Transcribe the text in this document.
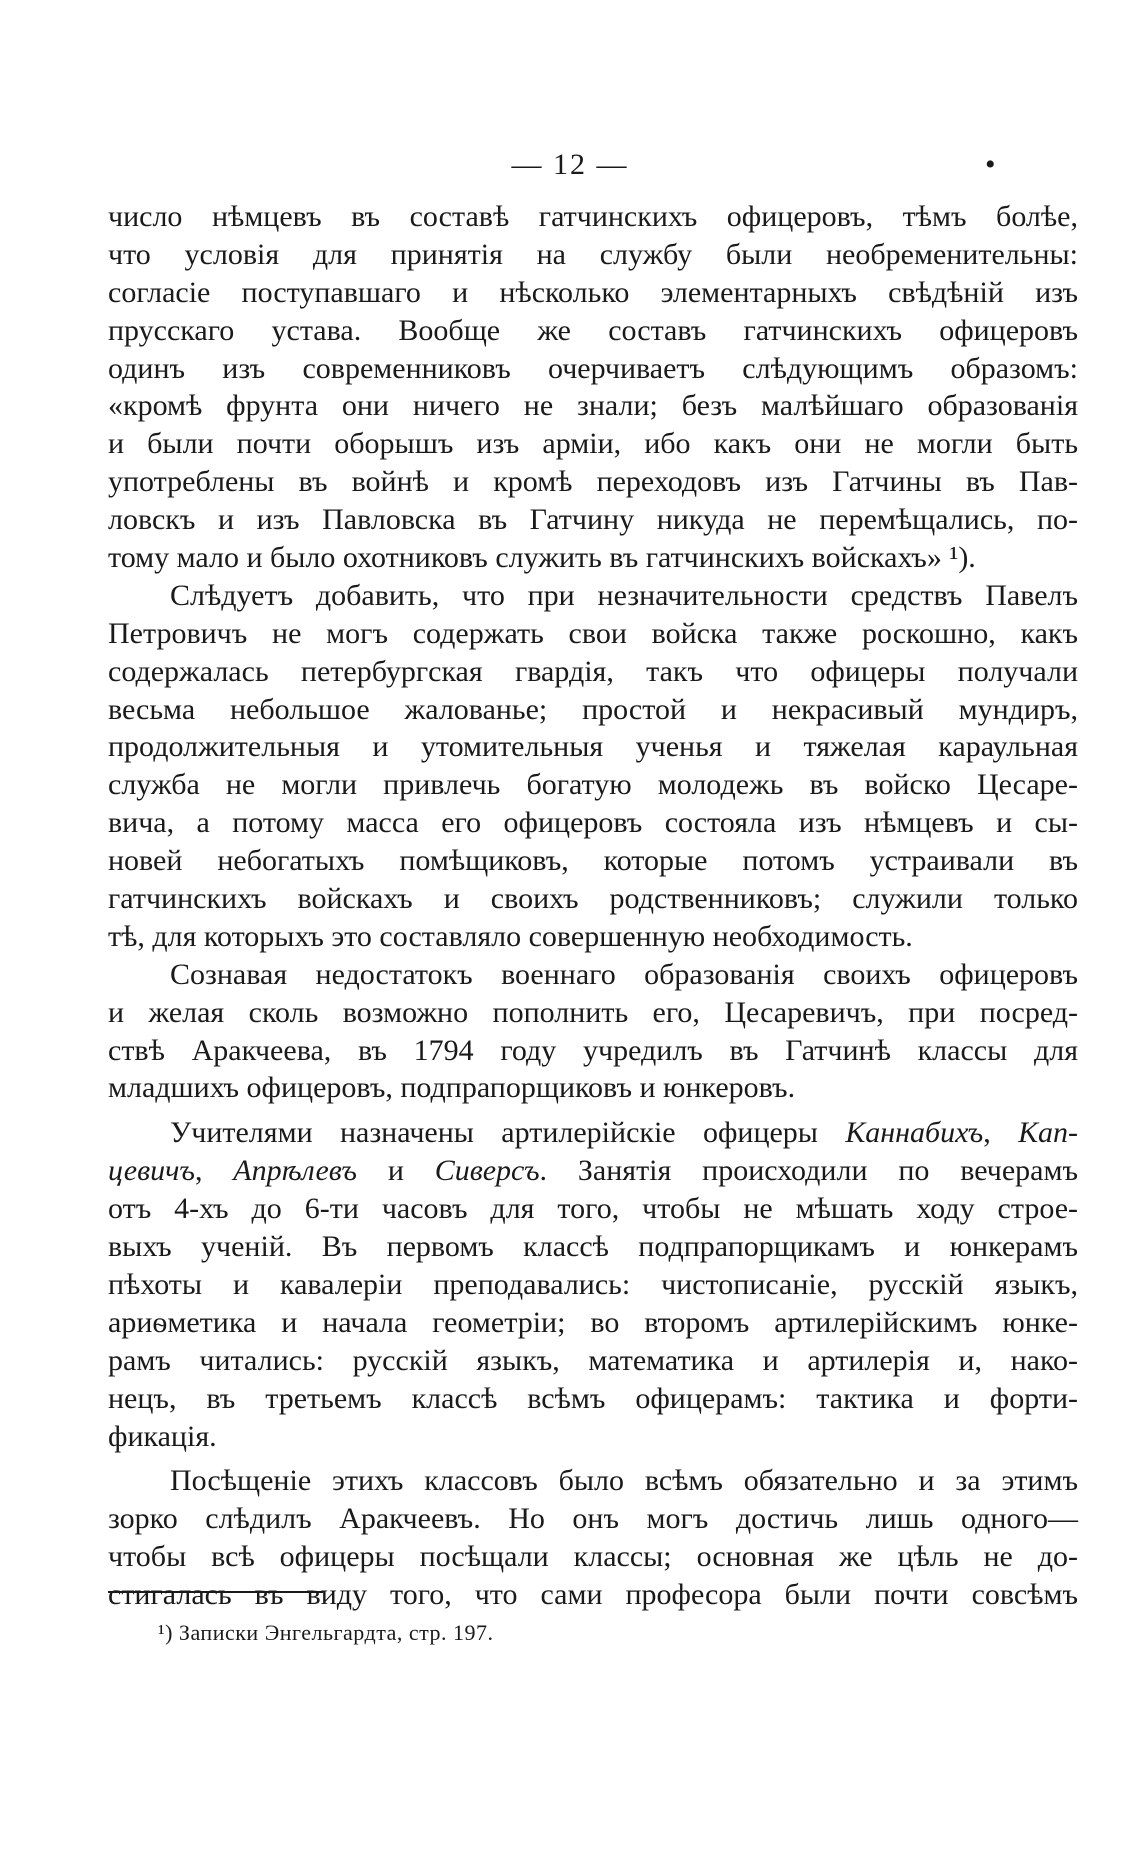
— 12 —	•
число нѣмцевъ въ составѣ гатчинскихъ офицеровъ, тѣмъ болѣе,
что условія для принятія на службу были необременительны:
согласіе поступавшаго и нѣсколько элементарныхъ свѣдѣній изъ
прусскаго устава. Вообще же составъ гатчинскихъ офицеровъ
одинъ изъ современниковъ очерчиваетъ слѣдующимъ образомъ:
«кромѣ фрунта они ничего не знали; безъ малѣйшаго образованія
и были почти оборышъ изъ арміи, ибо какъ они не могли быть
употреблены въ войнѣ и кромѣ переходовъ изъ Гатчины въ Пав-
ловскъ и изъ Павловска въ Гатчину никуда не перемѣщались, по-
тому мало и было охотниковъ служить въ гатчинскихъ войскахъ» ¹).
Слѣдуетъ добавить, что при незначительности средствъ Павелъ
Петровичъ не могъ содержать свои войска также роскошно, какъ
содержалась петербургская гвардія, такъ что офицеры получали
весьма небольшое жалованье; простой и некрасивый мундиръ,
продолжительныя и утомительныя ученья и тяжелая караульная
служба не могли привлечь богатую молодежь въ войско Цесаре-
вича, а потому масса его офицеровъ состояла изъ нѣмцевъ и сы-
новей небогатыхъ помѣщиковъ, которые потомъ устраивали въ
гатчинскихъ войскахъ и своихъ родственниковъ; служили только
тѣ, для которыхъ это составляло совершенную необходимость.
Сознавая недостатокъ военнаго образованія своихъ офицеровъ
и желая сколь возможно пополнить его, Цесаревичъ, при посред-
ствѣ Аракчеева, въ 1794 году учредилъ въ Гатчинѣ классы для
младшихъ офицеровъ, подпрапорщиковъ и юнкеровъ.
Учителями назначены артилерійскіе офицеры Каннабихъ, Кап-
цевичъ, Апрѣлевъ и Сиверсъ. Занятія происходили по вечерамъ
отъ 4-хъ до 6-ти часовъ для того, чтобы не мѣшать ходу строе-
выхъ ученій. Въ первомъ классѣ подпрапорщикамъ и юнкерамъ
пѣхоты и кавалеріи преподавались: чистописаніе, русскій языкъ,
ариѳметика и начала геометріи; во второмъ артилерійскимъ юнке-
рамъ читались: русскій языкъ, математика и артилерія и, нако-
нецъ, въ третьемъ классѣ всѣмъ офицерамъ: тактика и форти-
фикація.
Посѣщеніе этихъ классовъ было всѣмъ обязательно и за этимъ
зорко слѣдилъ Аракчеевъ. Но онъ могъ достичь лишь одного—
чтобы всѣ офицеры посѣщали классы; основная же цѣль не до-
стигалась въ виду того, что сами професора были почти совсѣмъ
¹) Записки Энгельгардта, стр. 197.
